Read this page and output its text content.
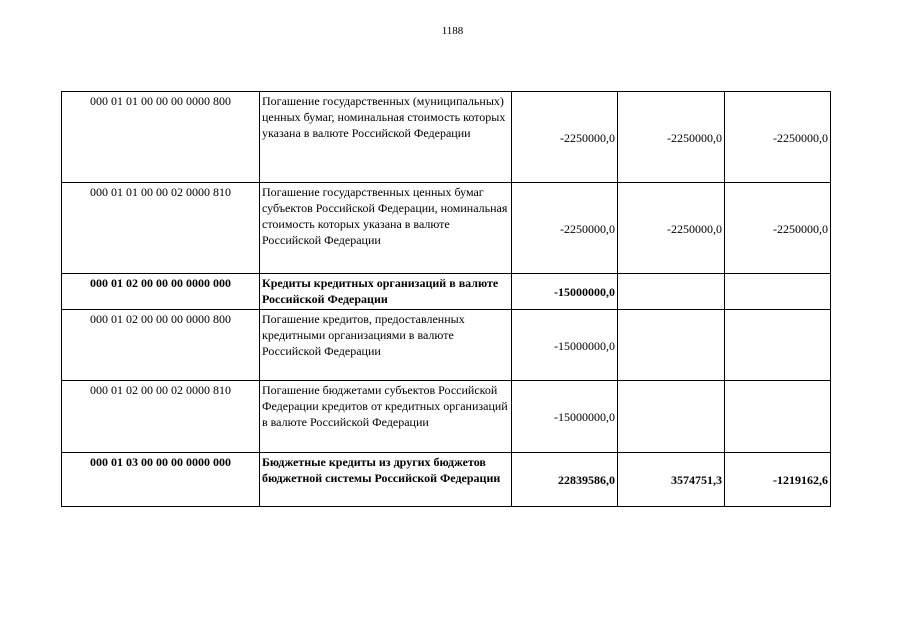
1188
000 01 01 00 00 00 0000 800	Погашение государственных (муниципальных) ценных бумаг, номинальная стоимость которых указана в валюте Российской Федерации	-2250000,0	-2250000,0	-2250000,0
000 01 01 00 00 02 0000 810	Погашение государственных ценных бумаг субъектов Российской Федерации, номинальная стоимость которых указана в валюте Российской Федерации	-2250000,0	-2250000,0	-2250000,0
000 01 02 00 00 00 0000 000	Кредиты кредитных организаций в валюте Российской Федерации	-15000000,0		
000 01 02 00 00 00 0000 800	Погашение кредитов, предоставленных кредитными организациями в валюте Российской Федерации	-15000000,0		
000 01 02 00 00 02 0000 810	Погашение бюджетами субъектов Российской Федерации кредитов от кредитных организаций в валюте Российской Федерации	-15000000,0		
000 01 03 00 00 00 0000 000	Бюджетные кредиты из других бюджетов бюджетной системы Российской Федерации	22839586,0	3574751,3	-1219162,6
